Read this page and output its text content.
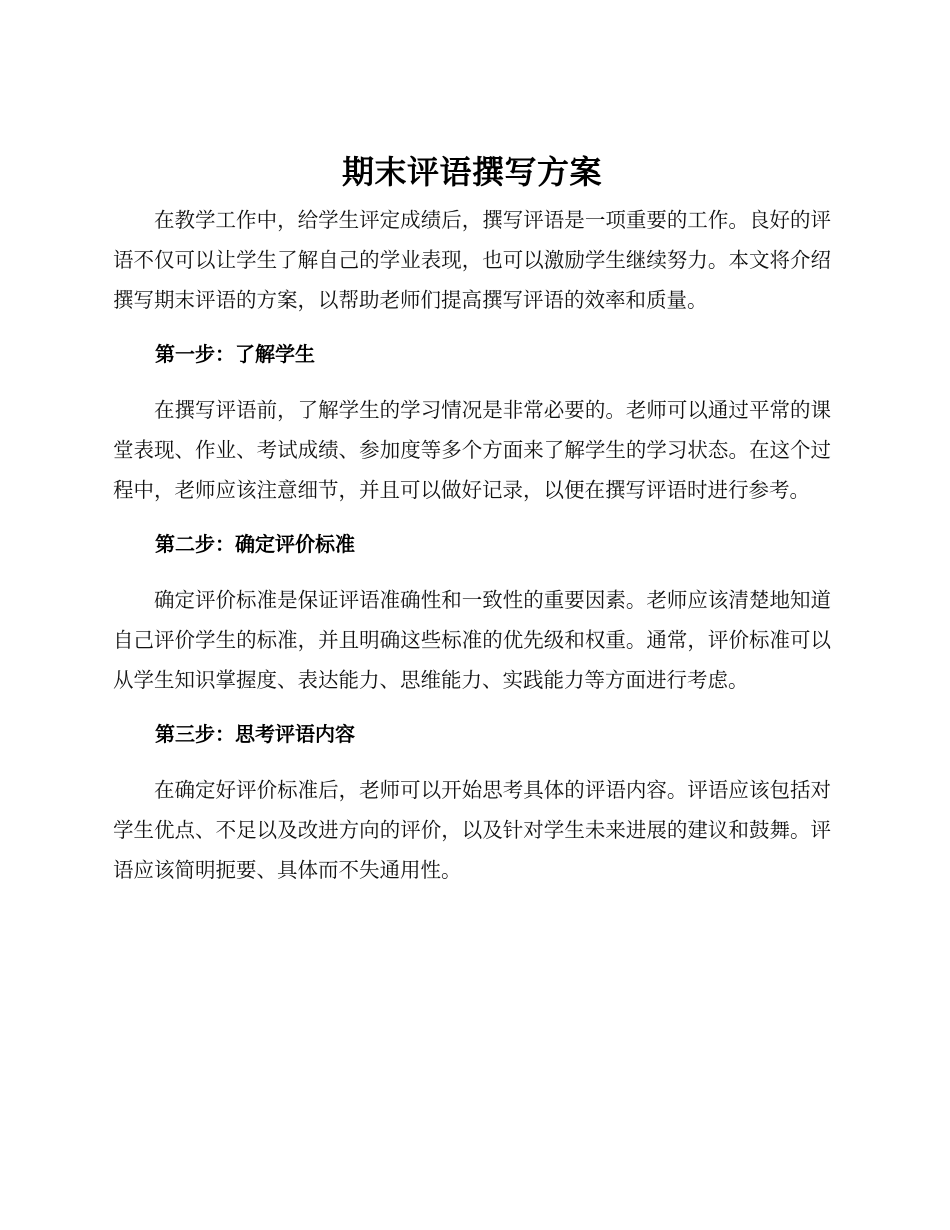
期末评语撰写方案

在教学工作中，给学生评定成绩后，撰写评语是一项重要的工作。良好的评语不仅可以让学生了解自己的学业表现，也可以激励学生继续努力。本文将介绍撰写期末评语的方案，以帮助老师们提高撰写评语的效率和质量。

第一步：了解学生

在撰写评语前，了解学生的学习情况是非常必要的。老师可以通过平常的课堂表现、作业、考试成绩、参加度等多个方面来了解学生的学习状态。在这个过程中，老师应该注意细节，并且可以做好记录，以便在撰写评语时进行参考。

第二步：确定评价标准

确定评价标准是保证评语准确性和一致性的重要因素。老师应该清楚地知道自己评价学生的标准，并且明确这些标准的优先级和权重。通常，评价标准可以从学生知识掌握度、表达能力、思维能力、实践能力等方面进行考虑。

第三步：思考评语内容

在确定好评价标准后，老师可以开始思考具体的评语内容。评语应该包括对学生优点、不足以及改进方向的评价，以及针对学生未来进展的建议和鼓舞。评语应该简明扼要、具体而不失通用性。
